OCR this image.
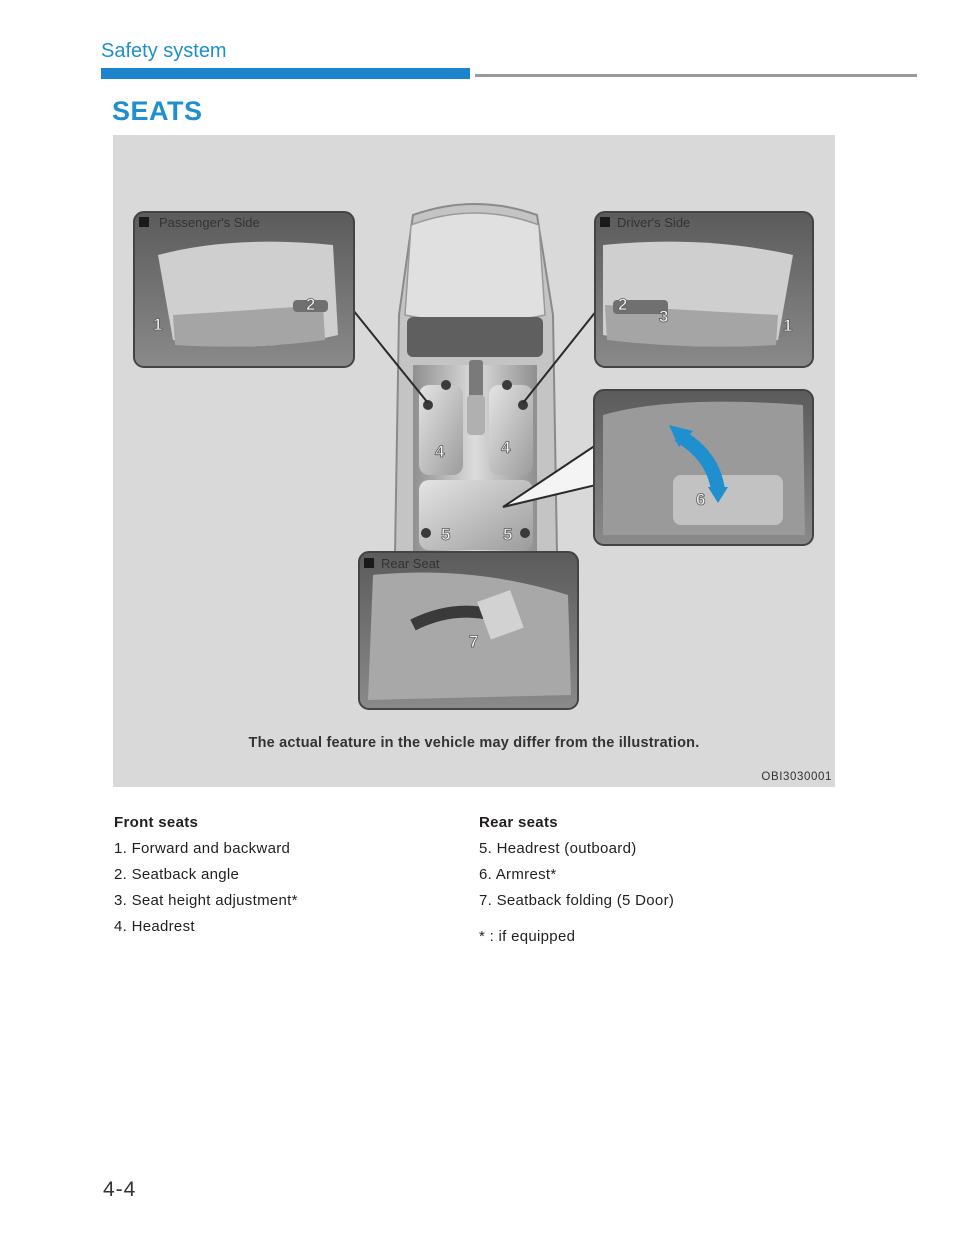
Safety system
SEATS
Passenger's Side
2
1
Driver's Side
2
3	1
6
Rear Seat
7
4	4
5	5
The actual feature in the vehicle may differ from the illustration.
OBI3030001
Front seats
1. Forward and backward
2. Seatback angle
3. Seat height adjustment*
4. Headrest
Rear seats
5. Headrest (outboard)
6. Armrest*
7. Seatback folding (5 Door)
* : if equipped
4-4
